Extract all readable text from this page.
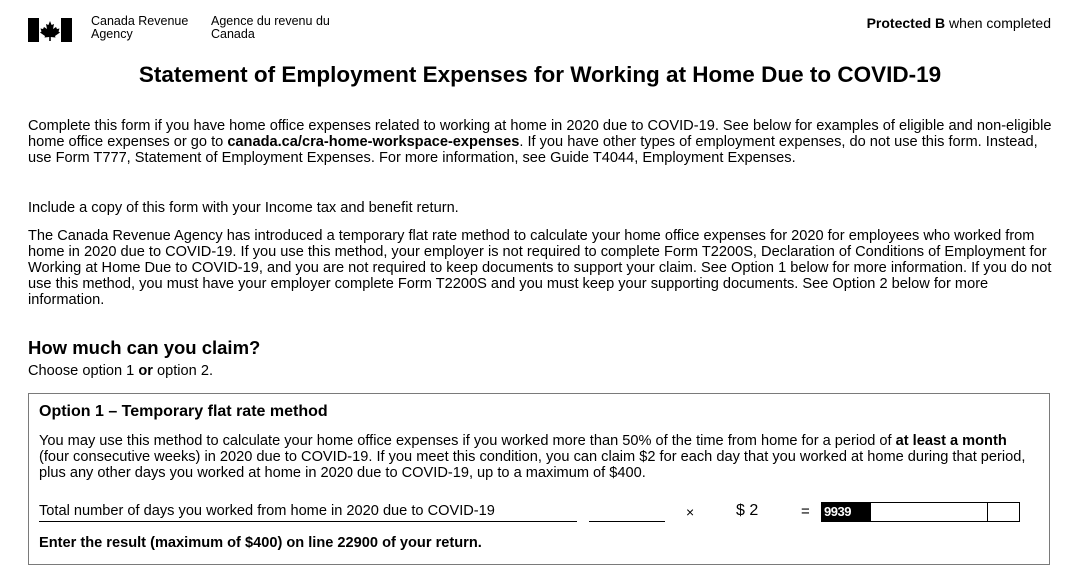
Canada Revenue Agency
Agence du revenu du Canada
Protected B when completed
Statement of Employment Expenses for Working at Home Due to COVID-19
Complete this form if you have home office expenses related to working at home in 2020 due to COVID-19. See below for examples of eligible and non-eligible home office expenses or go to canada.ca/cra-home-workspace-expenses. If you have other types of employment expenses, do not use this form. Instead, use Form T777, Statement of Employment Expenses. For more information, see Guide T4044, Employment Expenses.
Include a copy of this form with your Income tax and benefit return.
The Canada Revenue Agency has introduced a temporary flat rate method to calculate your home office expenses for 2020 for employees who worked from home in 2020 due to COVID-19. If you use this method, your employer is not required to complete Form T2200S, Declaration of Conditions of Employment for Working at Home Due to COVID-19, and you are not required to keep documents to support your claim. See Option 1 below for more information. If you do not use this method, you must have your employer complete Form T2200S and you must keep your supporting documents. See Option 2 below for more information.
How much can you claim?
Choose option 1 or option 2.
Option 1 – Temporary flat rate method
You may use this method to calculate your home office expenses if you worked more than 50% of the time from home for a period of at least a month (four consecutive weeks) in 2020 due to COVID-19. If you meet this condition, you can claim $2 for each day that you worked at home during that period, plus any other days you worked at home in 2020 due to COVID-19, up to a maximum of $400.
Total number of days you worked from home in 2020 due to COVID-19	×	$ 2	= 9939
Enter the result (maximum of $400) on line 22900 of your return.
